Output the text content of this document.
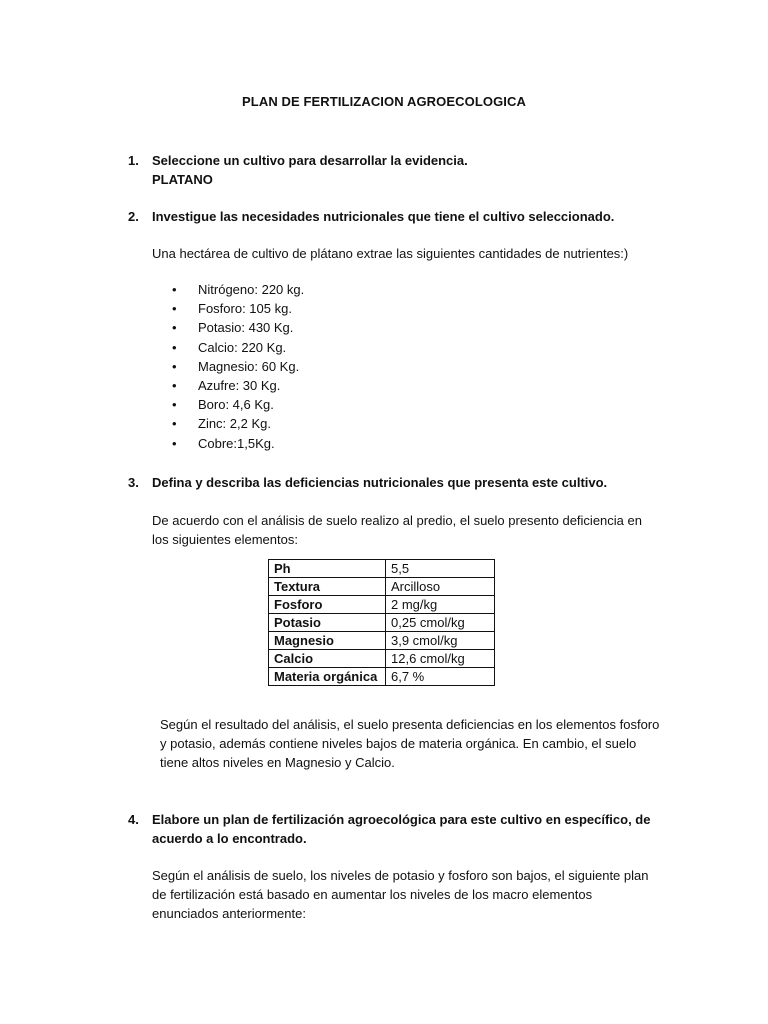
PLAN DE FERTILIZACION AGROECOLOGICA
1. Seleccione un cultivo para desarrollar la evidencia.
PLATANO
2. Investigue las necesidades nutricionales que tiene el cultivo seleccionado.
Una hectárea de cultivo de plátano extrae las siguientes cantidades de nutrientes:)
• Nitrógeno: 220 kg.
• Fosforo: 105 kg.
• Potasio: 430 Kg.
• Calcio: 220 Kg.
• Magnesio: 60 Kg.
• Azufre: 30 Kg.
• Boro: 4,6 Kg.
• Zinc: 2,2 Kg.
• Cobre:1,5Kg.
3. Defina y describa las deficiencias nutricionales que presenta este cultivo.
De acuerdo con el análisis de suelo realizo al predio, el suelo presento deficiencia en los siguientes elementos:
Ph	5,5
Textura	Arcilloso
Fosforo	2 mg/kg
Potasio	0,25 cmol/kg
Magnesio	3,9 cmol/kg
Calcio	12,6 cmol/kg
Materia orgánica	6,7 %
Según el resultado del análisis, el suelo presenta deficiencias en los elementos fosforo y potasio, además contiene niveles bajos de materia orgánica. En cambio, el suelo tiene altos niveles en Magnesio y Calcio.
4. Elabore un plan de fertilización agroecológica para este cultivo en específico, de acuerdo a lo encontrado.
Según el análisis de suelo, los niveles de potasio y fosforo son bajos, el siguiente plan de fertilización está basado en aumentar los niveles de los macro elementos enunciados anteriormente:
